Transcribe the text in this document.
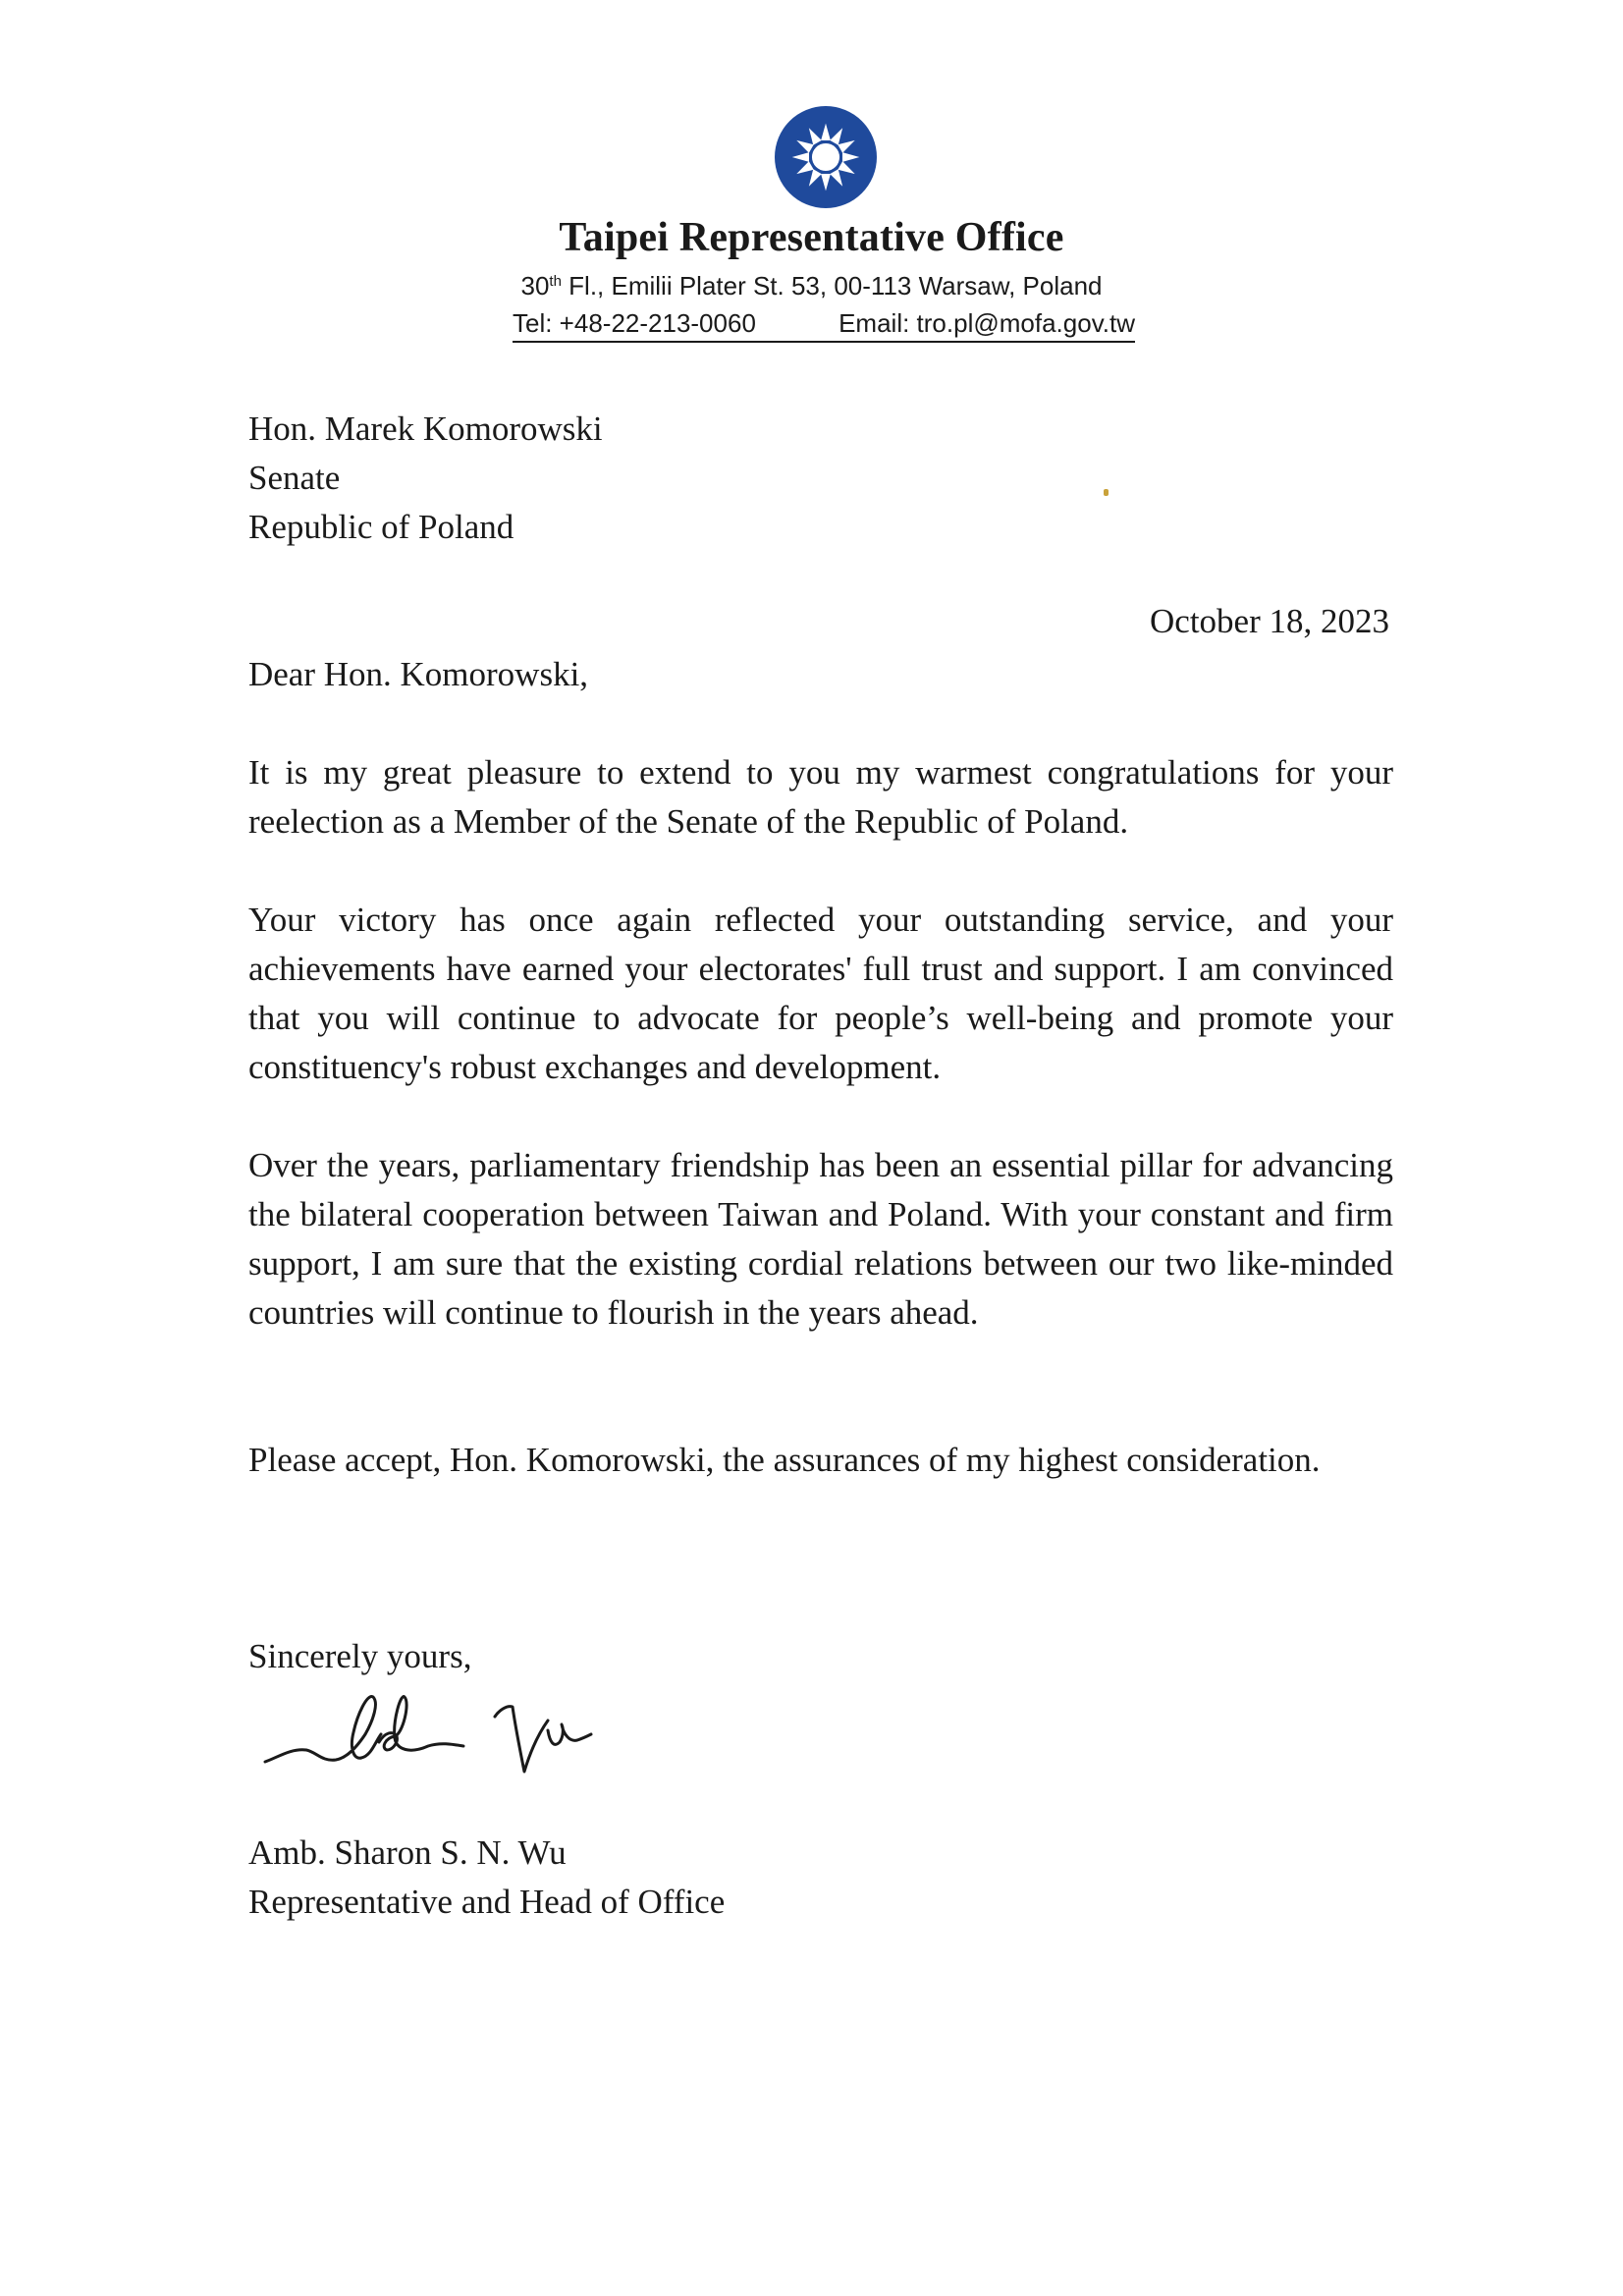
Taipei Representative Office
30th Fl., Emilii Plater St. 53, 00-113 Warsaw, Poland
Tel: +48-22-213-0060	Email: tro.pl@mofa.gov.tw
Hon. Marek Komorowski
Senate
Republic of Poland
October 18, 2023
Dear Hon. Komorowski,
It is my great pleasure to extend to you my warmest congratulations for your reelection as a Member of the Senate of the Republic of Poland.
Your victory has once again reflected your outstanding service, and your achievements have earned your electorates' full trust and support. I am convinced that you will continue to advocate for people’s well-being and promote your constituency's robust exchanges and development.
Over the years, parliamentary friendship has been an essential pillar for advancing the bilateral cooperation between Taiwan and Poland. With your constant and firm support, I am sure that the existing cordial relations between our two like-minded countries will continue to flourish in the years ahead.
Please accept, Hon. Komorowski, the assurances of my highest consideration.
Sincerely yours,
Amb. Sharon S. N. Wu
Representative and Head of Office
